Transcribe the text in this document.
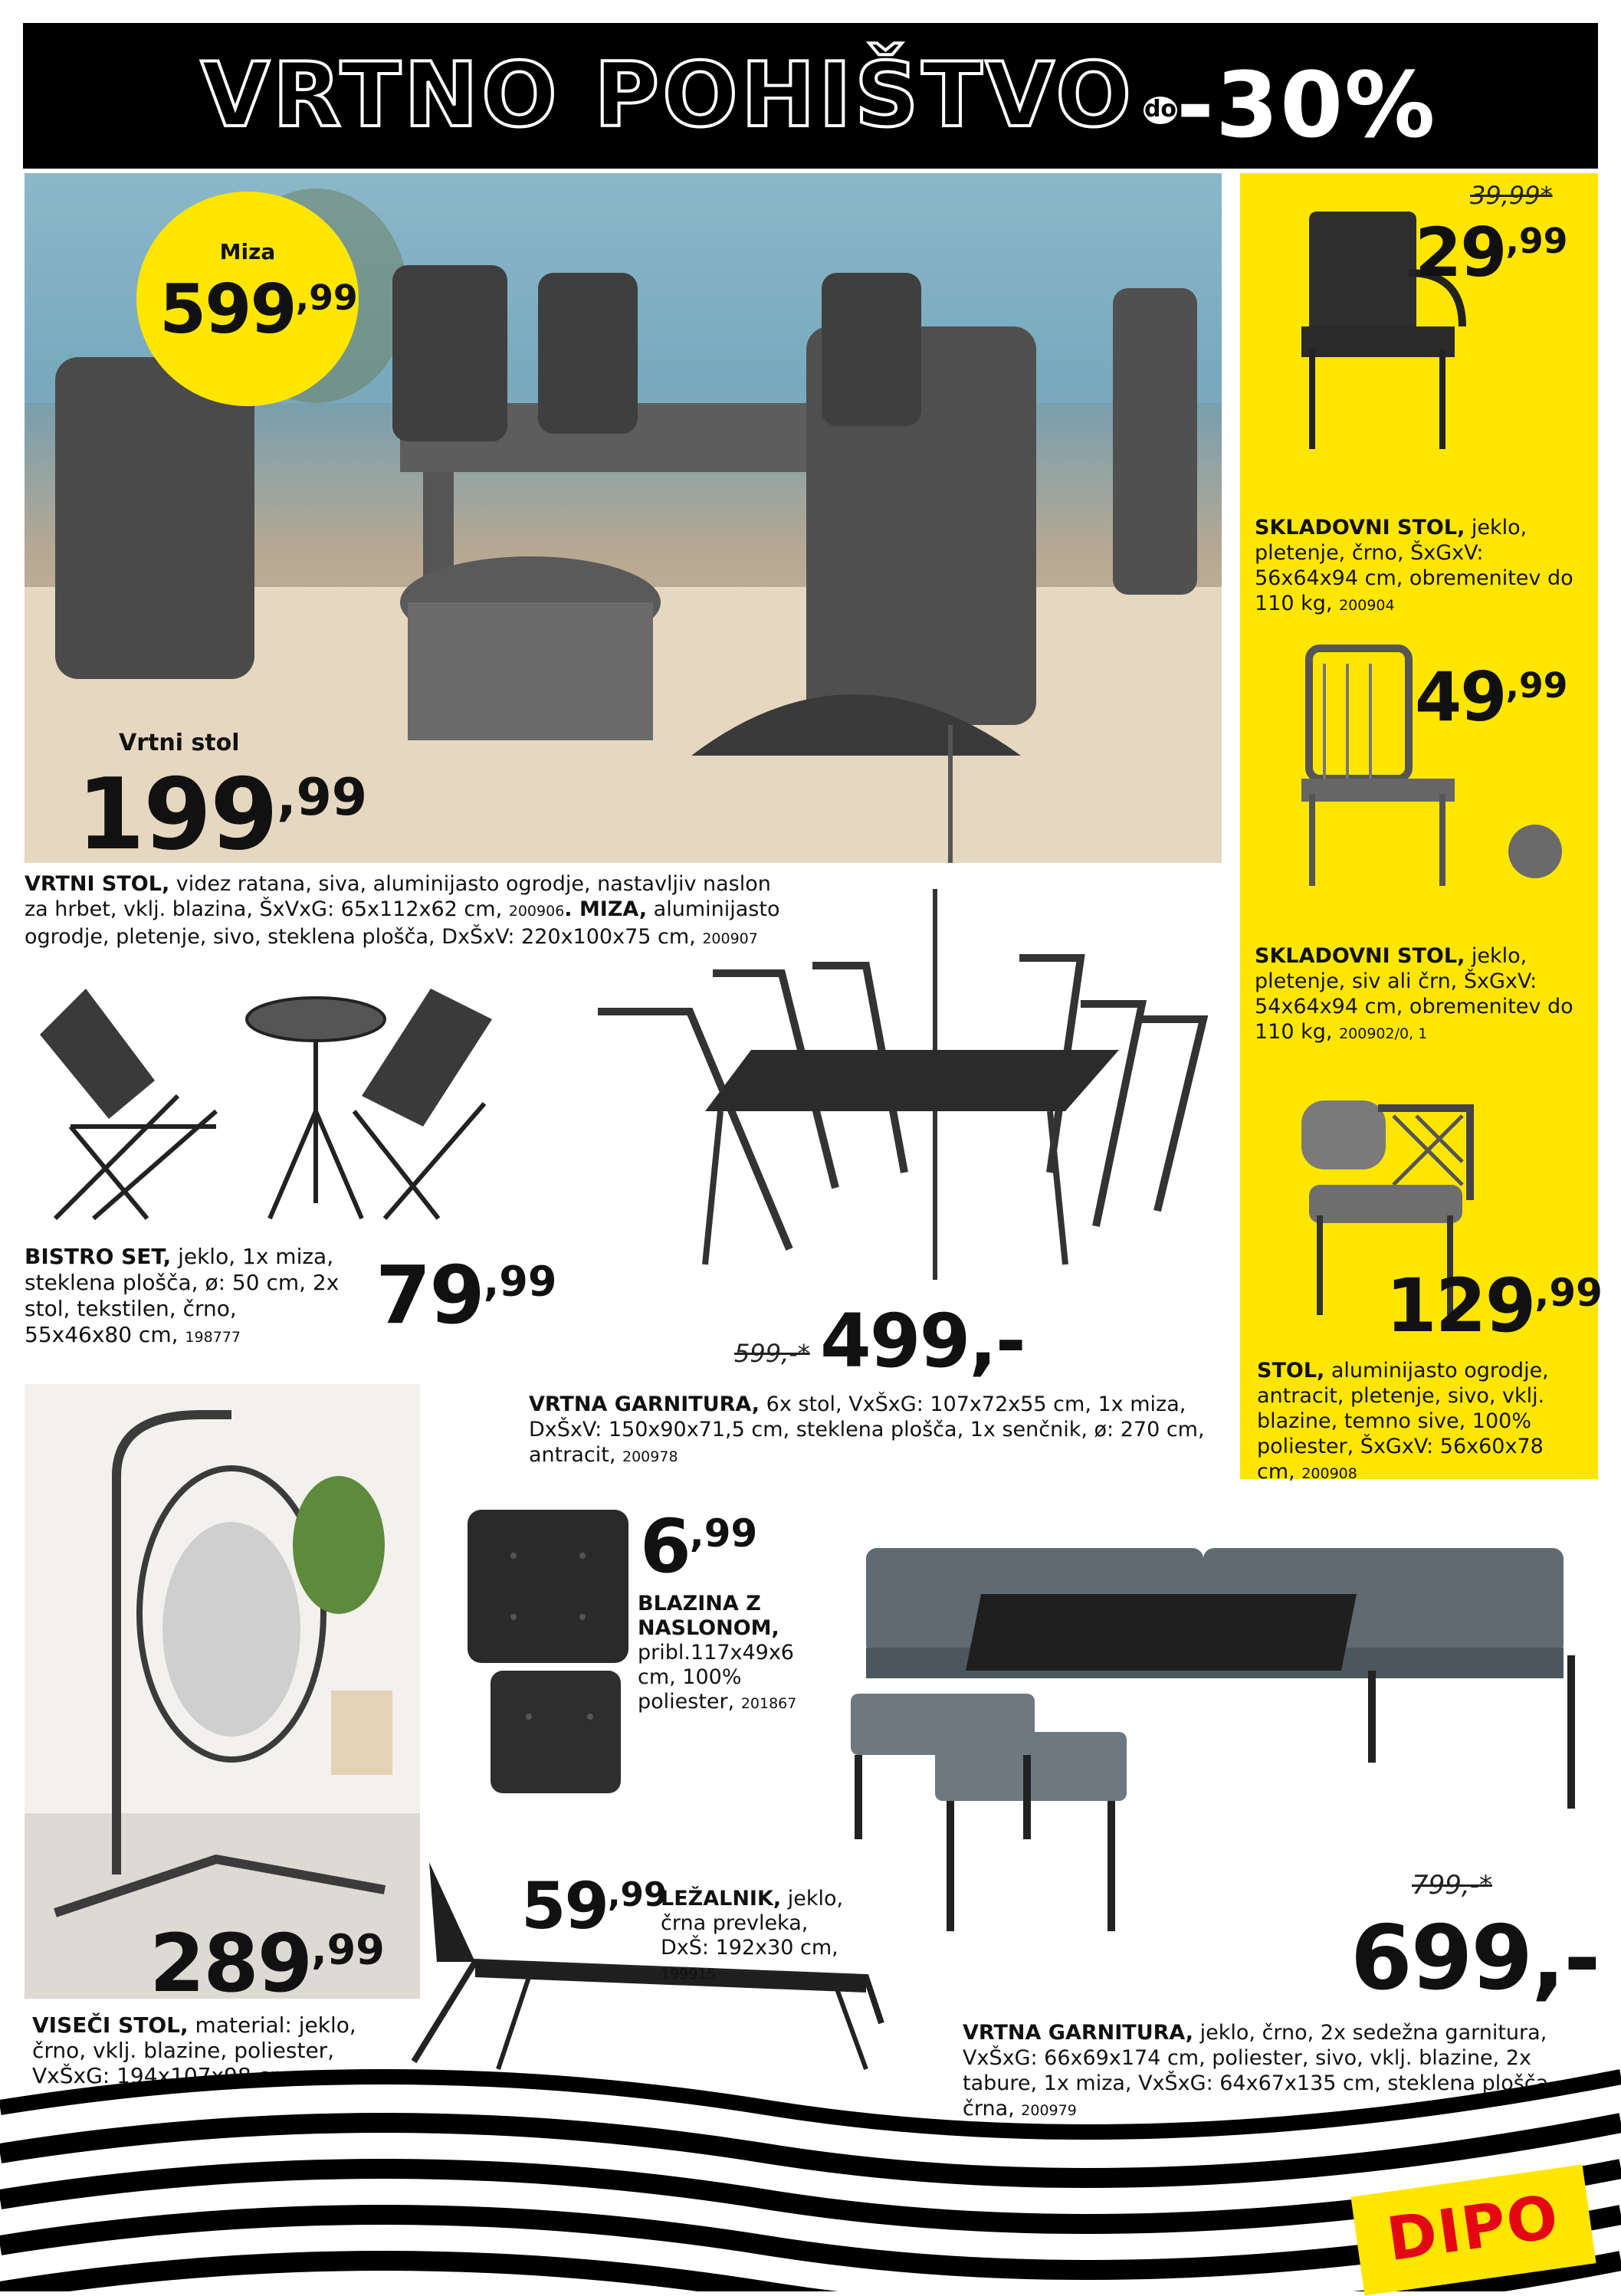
VRTNO POHIŠTVO do -30%
Miza
$599^{,99}$
Vrtni stol
$199^{,99}$
VRTNI STOL, videz ratana, siva, aluminijasto ogrodje, nastavljiv naslon za hrbet, vklj. blazina, ŠxVxG: 65x112x62 cm, 200906. MIZA, aluminijasto ogrodje, pletenje, sivo, steklena plošča, DxŠxV: 220x100x75 cm, 200907
39,99*
$29^{,99}$
SKLADOVNI STOL, jeklo, pletenje, črno, ŠxGxV: 56x64x94 cm, obremenitev do 110 kg, 200904
$49^{,99}$
SKLADOVNI STOL, jeklo, pletenje, siv ali črn, ŠxGxV: 54x64x94 cm, obremenitev do 110 kg, 200902/0, 1
$129^{,99}$
STOL, aluminijasto ogrodje, antracit, pletenje, sivo, vklj. blazine, temno sive, 100% poliester, ŠxGxV: 56x60x78 cm, 200908
BISTRO SET, jeklo, 1x miza, steklena plošča, ø: 50 cm, 2x stol, tekstilen, črno, 55x46x80 cm, 198777	$79^{,99}$
599,-* 499,-
VRTNA GARNITURA, 6x stol, VxŠxG: 107x72x55 cm, 1x miza, DxŠxV: 150x90x71,5 cm, steklena plošča, 1x senčnik, ø: 270 cm, antracit, 200978
$289^{,99}$
VISEČI STOL, material: jeklo, črno, vklj. blazine, poliester, VxŠxG: 194x107x98 cm, 199912
$6^{,99}$
BLAZINA Z NASLONOM, pribl.117x49x6 cm, 100% poliester, 201867
$59^{,99}$
LEŽALNIK, jeklo, črna prevleka, DxŠ: 192x30 cm, 199915
799,-*
699,-
VRTNA GARNITURA, jeklo, črno, 2x sedežna garnitura, VxŠxG: 66x69x174 cm, poliester, sivo, vklj. blazine, 2x tabure, 1x miza, VxŠxG: 64x67x135 cm, steklena plošča, črna, 200979
DIPO
